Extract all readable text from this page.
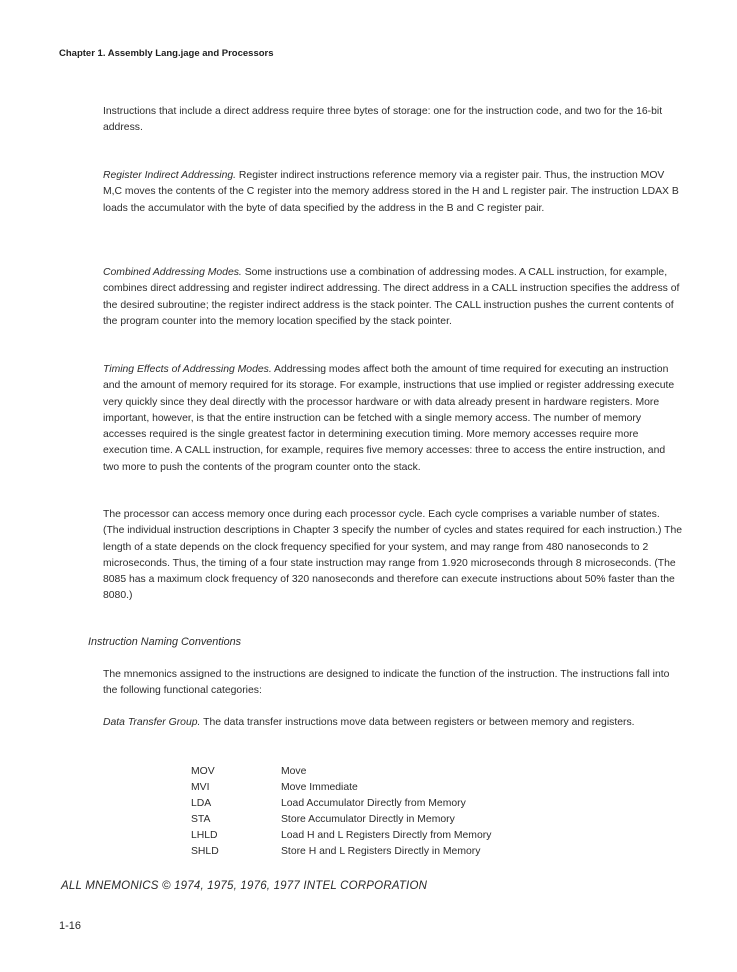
Chapter 1. Assembly Lang.jage and Processors

Instructions that include a direct address require three bytes of storage: one for the instruction code, and two for the 16-bit address.

Register Indirect Addressing. Register indirect instructions reference memory via a register pair. Thus, the instruction MOV M,C moves the contents of the C register into the memory address stored in the H and L register pair. The instruction LDAX B loads the accumulator with the byte of data specified by the address in the B and C register pair.

Combined Addressing Modes. Some instructions use a combination of addressing modes. A CALL instruction, for example, combines direct addressing and register indirect addressing. The direct address in a CALL instruction specifies the address of the desired subroutine; the register indirect address is the stack pointer. The CALL instruction pushes the current contents of the program counter into the memory location specified by the stack pointer.

Timing Effects of Addressing Modes. Addressing modes affect both the amount of time required for executing an instruction and the amount of memory required for its storage. For example, instructions that use implied or register addressing execute very quickly since they deal directly with the processor hardware or with data already present in hardware registers. More important, however, is that the entire instruction can be fetched with a single memory access. The number of memory accesses required is the single greatest factor in determining execution timing. More memory accesses require more execution time. A CALL instruction, for example, requires five memory accesses: three to access the entire instruction, and two more to push the contents of the program counter onto the stack.

The processor can access memory once during each processor cycle. Each cycle comprises a variable number of states. (The individual instruction descriptions in Chapter 3 specify the number of cycles and states required for each instruction.) The length of a state depends on the clock frequency specified for your system, and may range from 480 nanoseconds to 2 microseconds. Thus, the timing of a four state instruction may range from 1.920 microseconds through 8 microseconds. (The 8085 has a maximum clock frequency of 320 nanoseconds and therefore can execute instructions about 50% faster than the 8080.)

Instruction Naming Conventions

The mnemonics assigned to the instructions are designed to indicate the function of the instruction. The instructions fall into the following functional categories:

Data Transfer Group. The data transfer instructions move data between registers or between memory and registers.

MOV	Move
MVI	Move Immediate
LDA	Load Accumulator Directly from Memory
STA	Store Accumulator Directly in Memory
LHLD	Load H and L Registers Directly from Memory
SHLD	Store H and L Registers Directly in Memory
ALL MNEMONICS © 1974, 1975, 1976, 1977 INTEL CORPORATION
1-16
